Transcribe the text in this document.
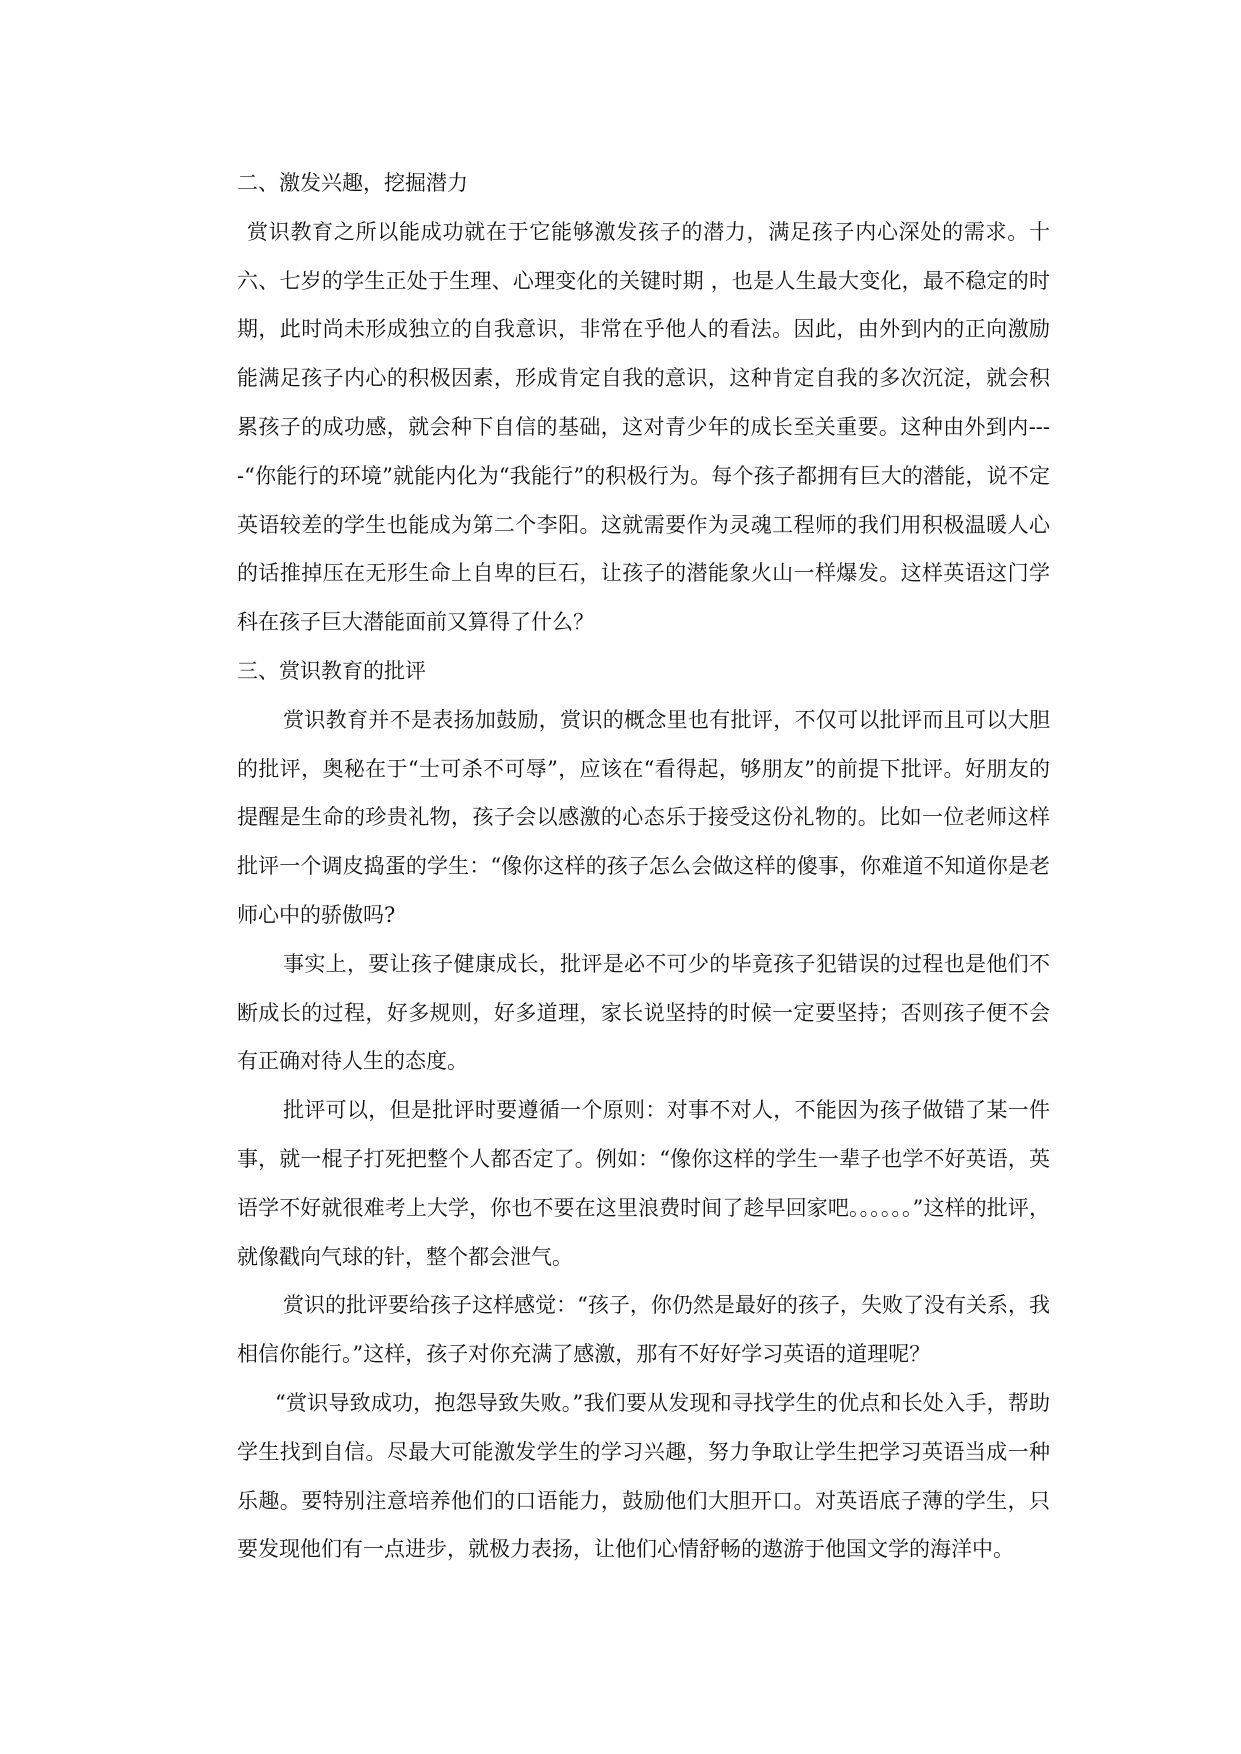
二、激发兴趣，挖掘潜力

赏识教育之所以能成功就在于它能够激发孩子的潜力，满足孩子内心深处的需求。十六、七岁的学生正处于生理、心理变化的关键时期 ，也是人生最大变化，最不稳定的时期，此时尚未形成独立的自我意识，非常在乎他人的看法。因此，由外到内的正向激励能满足孩子内心的积极因素，形成肯定自我的意识，这种肯定自我的多次沉淀，就会积累孩子的成功感，就会种下自信的基础，这对青少年的成长至关重要。这种由外到内----“你能行的环境”就能内化为“我能行”的积极行为。每个孩子都拥有巨大的潜能，说不定英语较差的学生也能成为第二个李阳。这就需要作为灵魂工程师的我们用积极温暖人心的话推掉压在无形生命上自卑的巨石，让孩子的潜能象火山一样爆发。这样英语这门学科在孩子巨大潜能面前又算得了什么？

三、赏识教育的批评

赏识教育并不是表扬加鼓励，赏识的概念里也有批评，不仅可以批评而且可以大胆的批评，奥秘在于“士可杀不可辱”，应该在“看得起，够朋友”的前提下批评。好朋友的提醒是生命的珍贵礼物，孩子会以感激的心态乐于接受这份礼物的。比如一位老师这样批评一个调皮捣蛋的学生：“像你这样的孩子怎么会做这样的傻事，你难道不知道你是老师心中的骄傲吗?

事实上，要让孩子健康成长，批评是必不可少的毕竟孩子犯错误的过程也是他们不断成长的过程，好多规则，好多道理，家长说坚持的时候一定要坚持；否则孩子便不会有正确对待人生的态度。

批评可以，但是批评时要遵循一个原则：对事不对人，不能因为孩子做错了某一件事，就一棍子打死把整个人都否定了。例如：“像你这样的学生一辈子也学不好英语，英语学不好就很难考上大学，你也不要在这里浪费时间了趁早回家吧。。。。。。”这样的批评，就像戳向气球的针，整个都会泄气。

赏识的批评要给孩子这样感觉：“孩子，你仍然是最好的孩子，失败了没有关系，我相信你能行。”这样，孩子对你充满了感激，那有不好好学习英语的道理呢？

“赏识导致成功，抱怨导致失败。”我们要从发现和寻找学生的优点和长处入手，帮助学生找到自信。尽最大可能激发学生的学习兴趣，努力争取让学生把学习英语当成一种乐趣。要特别注意培养他们的口语能力，鼓励他们大胆开口。对英语底子薄的学生，只要发现他们有一点进步，就极力表扬，让他们心情舒畅的遨游于他国文学的海洋中。
